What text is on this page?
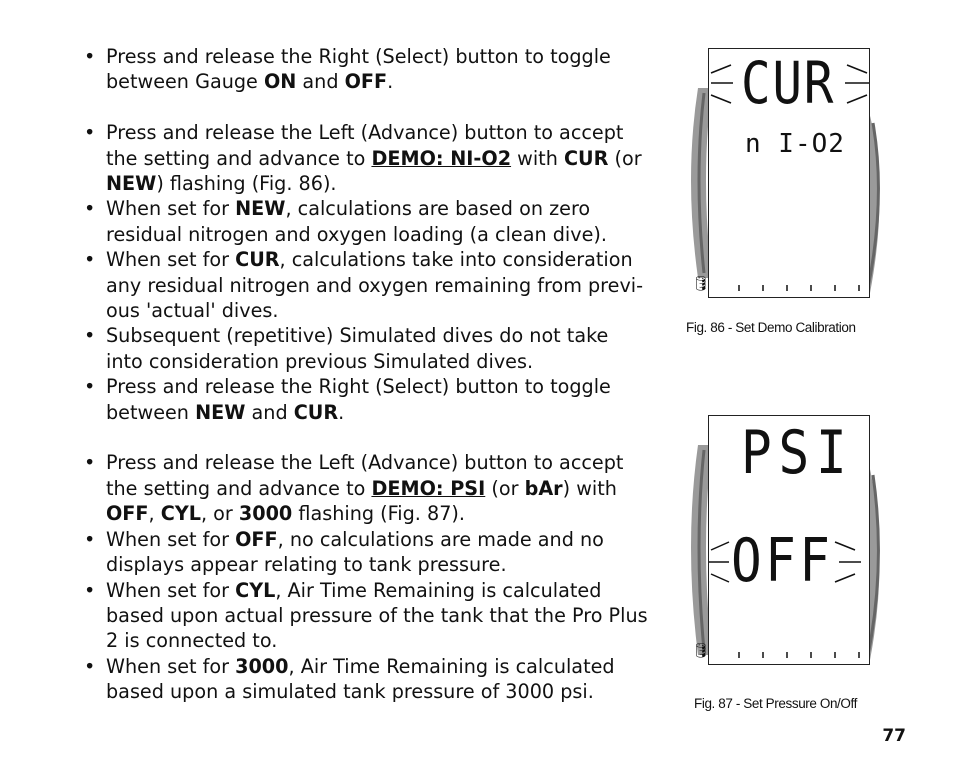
• Press and release the Right (Select) button to toggle between Gauge ON and OFF.
• Press and release the Left (Advance) button to accept the setting and advance to DEMO: NI-O2 with CUR (or NEW) flashing (Fig. 86).
• When set for NEW, calculations are based on zero residual nitrogen and oxygen loading (a clean dive).
• When set for CUR, calculations take into consideration any residual nitrogen and oxygen remaining from previ- ous 'actual' dives.
• Subsequent (repetitive) Simulated dives do not take into consideration previous Simulated dives.
• Press and release the Right (Select) button to toggle between NEW and CUR.
• Press and release the Left (Advance) button to accept the setting and advance to DEMO: PSI (or bAr) with OFF, CYL, or 3000 flashing (Fig. 87).
• When set for OFF, no calculations are made and no displays appear relating to tank pressure.
• When set for CYL, Air Time Remaining is calculated based upon actual pressure of the tank that the Pro Plus 2 is connected to.
• When set for 3000, Air Time Remaining is calculated based upon a simulated tank pressure of 3000 psi.
CUR
n I-O2
🛢
Fig. 86 - Set Demo Calibration
PSI
OFF
🛢
Fig. 87 - Set Pressure On/Off
77
